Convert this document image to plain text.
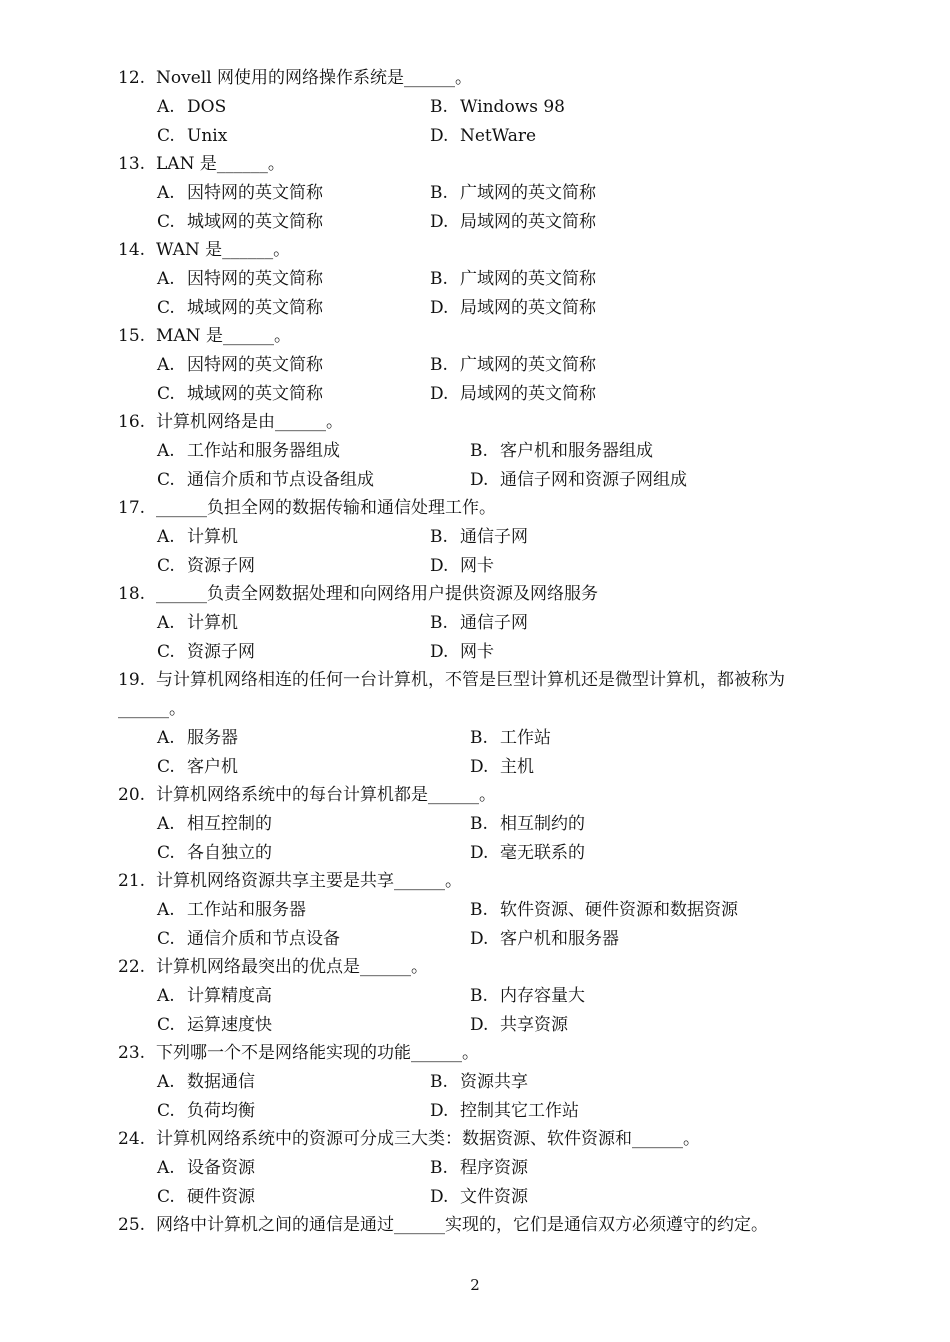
12. Novell 网使用的网络操作系统是______。
A. DOS	B. Windows 98
C. Unix	D. NetWare
13. LAN 是______。
A. 因特网的英文简称	B. 广域网的英文简称
C. 城域网的英文简称	D. 局域网的英文简称
14. WAN 是______。
A. 因特网的英文简称	B. 广域网的英文简称
C. 城域网的英文简称	D. 局域网的英文简称
15. MAN 是______。
A. 因特网的英文简称	B. 广域网的英文简称
C. 城域网的英文简称	D. 局域网的英文简称
16. 计算机网络是由______。
A. 工作站和服务器组成	B. 客户机和服务器组成
C. 通信介质和节点设备组成	D. 通信子网和资源子网组成
17. ______负担全网的数据传输和通信处理工作。
A. 计算机	B. 通信子网
C. 资源子网	D. 网卡
18. ______负责全网数据处理和向网络用户提供资源及网络服务
A. 计算机	B. 通信子网
C. 资源子网	D. 网卡
19. 与计算机网络相连的任何一台计算机，不管是巨型计算机还是微型计算机，都被称为
______。
A. 服务器	B. 工作站
C. 客户机	D. 主机
20. 计算机网络系统中的每台计算机都是______。
A. 相互控制的	B. 相互制约的
C. 各自独立的	D. 毫无联系的
21. 计算机网络资源共享主要是共享______。
A. 工作站和服务器	B. 软件资源、硬件资源和数据资源
C. 通信介质和节点设备	D. 客户机和服务器
22. 计算机网络最突出的优点是______。
A. 计算精度高	B. 内存容量大
C. 运算速度快	D. 共享资源
23. 下列哪一个不是网络能实现的功能______。
A. 数据通信	B. 资源共享
C. 负荷均衡	D. 控制其它工作站
24. 计算机网络系统中的资源可分成三大类：数据资源、软件资源和______。
A. 设备资源	B. 程序资源
C. 硬件资源	D. 文件资源
25. 网络中计算机之间的通信是通过______实现的，它们是通信双方必须遵守的约定。
2
